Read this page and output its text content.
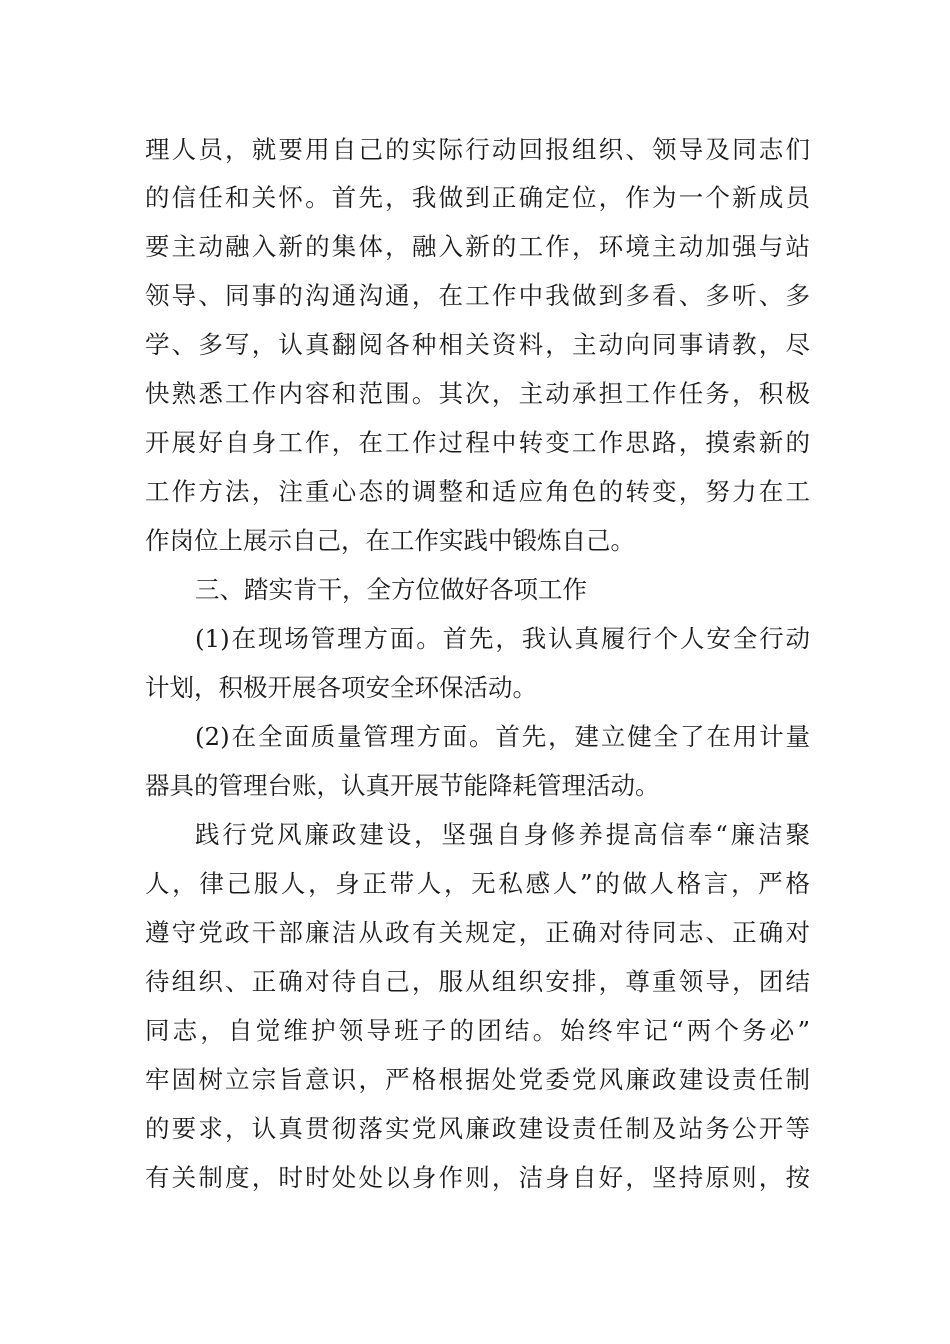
理人员，就要用自己的实际行动回报组织、领导及同志们
的信任和关怀。首先，我做到正确定位，作为一个新成员
要主动融入新的集体，融入新的工作，环境主动加强与站
领导、同事的沟通沟通，在工作中我做到多看、多听、多
学、多写，认真翻阅各种相关资料，主动向同事请教，尽
快熟悉工作内容和范围。其次，主动承担工作任务，积极
开展好自身工作，在工作过程中转变工作思路，摸索新的
工作方法，注重心态的调整和适应角色的转变，努力在工
作岗位上展示自己，在工作实践中锻炼自己。
三、踏实肯干，全方位做好各项工作
(1)在现场管理方面。首先，我认真履行个人安全行动
计划，积极开展各项安全环保活动。
(2)在全面质量管理方面。首先，建立健全了在用计量
器具的管理台账，认真开展节能降耗管理活动。
践行党风廉政建设，坚强自身修养提高信奉“廉洁聚
人，律己服人，身正带人，无私感人”的做人格言，严格
遵守党政干部廉洁从政有关规定，正确对待同志、正确对
待组织、正确对待自己，服从组织安排，尊重领导，团结
同志，自觉维护领导班子的团结。始终牢记“两个务必”
牢固树立宗旨意识，严格根据处党委党风廉政建设责任制
的要求，认真贯彻落实党风廉政建设责任制及站务公开等
有关制度，时时处处以身作则，洁身自好，坚持原则，按
